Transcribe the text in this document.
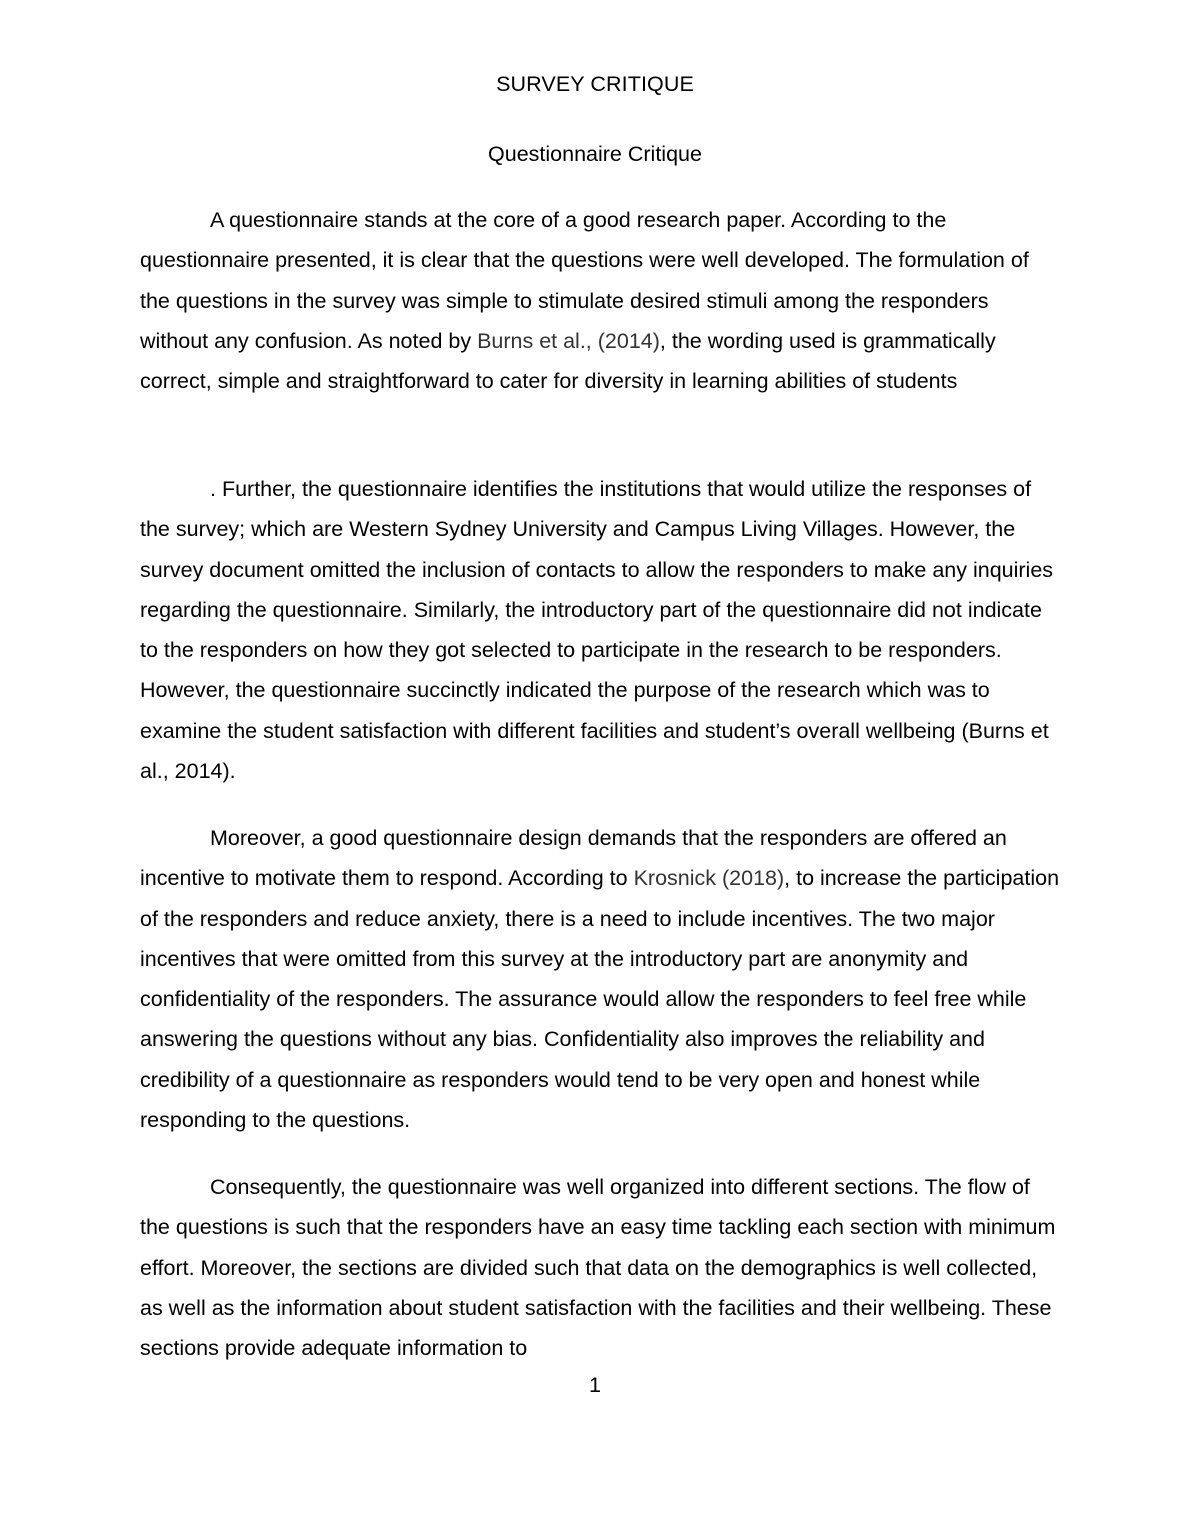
SURVEY CRITIQUE
Questionnaire Critique

A questionnaire stands at the core of a good research paper. According to the questionnaire presented, it is clear that the questions were well developed. The formulation of the questions in the survey was simple to stimulate desired stimuli among the responders without any confusion. As noted by Burns et al., (2014), the wording used is grammatically correct, simple and straightforward to cater for diversity in learning abilities of students

. Further, the questionnaire identifies the institutions that would utilize the responses of the survey; which are Western Sydney University and Campus Living Villages. However, the survey document omitted the inclusion of contacts to allow the responders to make any inquiries regarding the questionnaire. Similarly, the introductory part of the questionnaire did not indicate to the responders on how they got selected to participate in the research to be responders. However, the questionnaire succinctly indicated the purpose of the research which was to examine the student satisfaction with different facilities and student’s overall wellbeing (Burns et al., 2014).

Moreover, a good questionnaire design demands that the responders are offered an incentive to motivate them to respond. According to Krosnick (2018), to increase the participation of the responders and reduce anxiety, there is a need to include incentives. The two major incentives that were omitted from this survey at the introductory part are anonymity and confidentiality of the responders. The assurance would allow the responders to feel free while answering the questions without any bias. Confidentiality also improves the reliability and credibility of a questionnaire as responders would tend to be very open and honest while responding to the questions.

Consequently, the questionnaire was well organized into different sections. The flow of the questions is such that the responders have an easy time tackling each section with minimum effort. Moreover, the sections are divided such that data on the demographics is well collected, as well as the information about student satisfaction with the facilities and their wellbeing. These sections provide adequate information to

1
